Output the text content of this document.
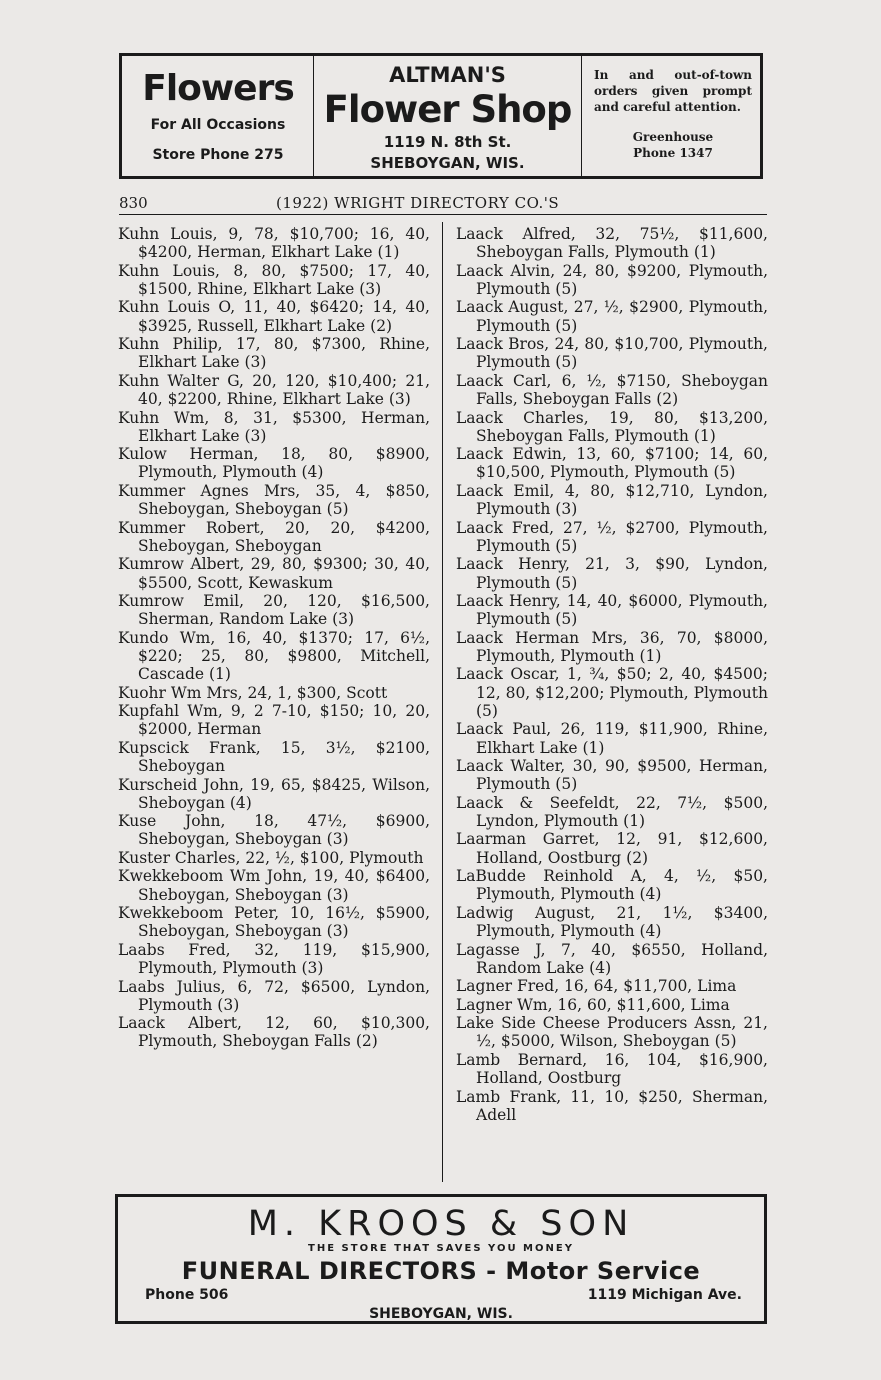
Flowers
For All Occasions
Store Phone 275
ALTMAN'S
Flower Shop
1119 N. 8th St.
SHEBOYGAN, WIS.
In and out-of-town orders given prompt and careful attention.
Greenhouse
Phone 1347
830	(1922) WRIGHT DIRECTORY CO.'S
Kuhn Louis, 9, 78, $10,700; 16, 40, $4200, Herman, Elkhart Lake (1)
Kuhn Louis, 8, 80, $7500; 17, 40, $1500, Rhine, Elkhart Lake (3)
Kuhn Louis O, 11, 40, $6420; 14, 40, $3925, Russell, Elkhart Lake (2)
Kuhn Philip, 17, 80, $7300, Rhine, Elkhart Lake (3)
Kuhn Walter G, 20, 120, $10,400; 21, 40, $2200, Rhine, Elkhart Lake (3)
Kuhn Wm, 8, 31, $5300, Herman, Elkhart Lake (3)
Kulow Herman, 18, 80, $8900, Plymouth, Plymouth (4)
Kummer Agnes Mrs, 35, 4, $850, Sheboygan, Sheboygan (5)
Kummer Robert, 20, 20, $4200, Sheboygan, Sheboygan
Kumrow Albert, 29, 80, $9300; 30, 40, $5500, Scott, Kewaskum
Kumrow Emil, 20, 120, $16,500, Sherman, Random Lake (3)
Kundo Wm, 16, 40, $1370; 17, 6½, $220; 25, 80, $9800, Mitchell, Cascade (1)
Kuohr Wm Mrs, 24, 1, $300, Scott
Kupfahl Wm, 9, 2 7-10, $150; 10, 20, $2000, Herman
Kupscick Frank, 15, 3½, $2100, Sheboygan
Kurscheid John, 19, 65, $8425, Wilson, Sheboygan (4)
Kuse John, 18, 47½, $6900, Sheboygan, Sheboygan (3)
Kuster Charles, 22, ½, $100, Plymouth
Kwekkeboom Wm John, 19, 40, $6400, Sheboygan, Sheboygan (3)
Kwekkeboom Peter, 10, 16½, $5900, Sheboygan, Sheboygan (3)
Laabs Fred, 32, 119, $15,900, Plymouth, Plymouth (3)
Laabs Julius, 6, 72, $6500, Lyndon, Plymouth (3)
Laack Albert, 12, 60, $10,300, Plymouth, Sheboygan Falls (2)
Laack Alfred, 32, 75½, $11,600, Sheboygan Falls, Plymouth (1)
Laack Alvin, 24, 80, $9200, Plymouth, Plymouth (5)
Laack August, 27, ½, $2900, Plymouth, Plymouth (5)
Laack Bros, 24, 80, $10,700, Plymouth, Plymouth (5)
Laack Carl, 6, ½, $7150, Sheboygan Falls, Sheboygan Falls (2)
Laack Charles, 19, 80, $13,200, Sheboygan Falls, Plymouth (1)
Laack Edwin, 13, 60, $7100; 14, 60, $10,500, Plymouth, Plymouth (5)
Laack Emil, 4, 80, $12,710, Lyndon, Plymouth (3)
Laack Fred, 27, ½, $2700, Plymouth, Plymouth (5)
Laack Henry, 21, 3, $90, Lyndon, Plymouth (5)
Laack Henry, 14, 40, $6000, Plymouth, Plymouth (5)
Laack Herman Mrs, 36, 70, $8000, Plymouth, Plymouth (1)
Laack Oscar, 1, ¾, $50; 2, 40, $4500; 12, 80, $12,200; Plymouth, Plymouth (5)
Laack Paul, 26, 119, $11,900, Rhine, Elkhart Lake (1)
Laack Walter, 30, 90, $9500, Herman, Plymouth (5)
Laack & Seefeldt, 22, 7½, $500, Lyndon, Plymouth (1)
Laarman Garret, 12, 91, $12,600, Holland, Oostburg (2)
LaBudde Reinhold A, 4, ½, $50, Plymouth, Plymouth (4)
Ladwig August, 21, 1½, $3400, Plymouth, Plymouth (4)
Lagasse J, 7, 40, $6550, Holland, Random Lake (4)
Lagner Fred, 16, 64, $11,700, Lima
Lagner Wm, 16, 60, $11,600, Lima
Lake Side Cheese Producers Assn, 21, ½, $5000, Wilson, Sheboygan (5)
Lamb Bernard, 16, 104, $16,900, Holland, Oostburg
Lamb Frank, 11, 10, $250, Sherman, Adell
M. KROOS & SON
THE STORE THAT SAVES YOU MONEY
FUNERAL DIRECTORS - Motor Service
Phone 506	1119 Michigan Ave.
SHEBOYGAN, WIS.
